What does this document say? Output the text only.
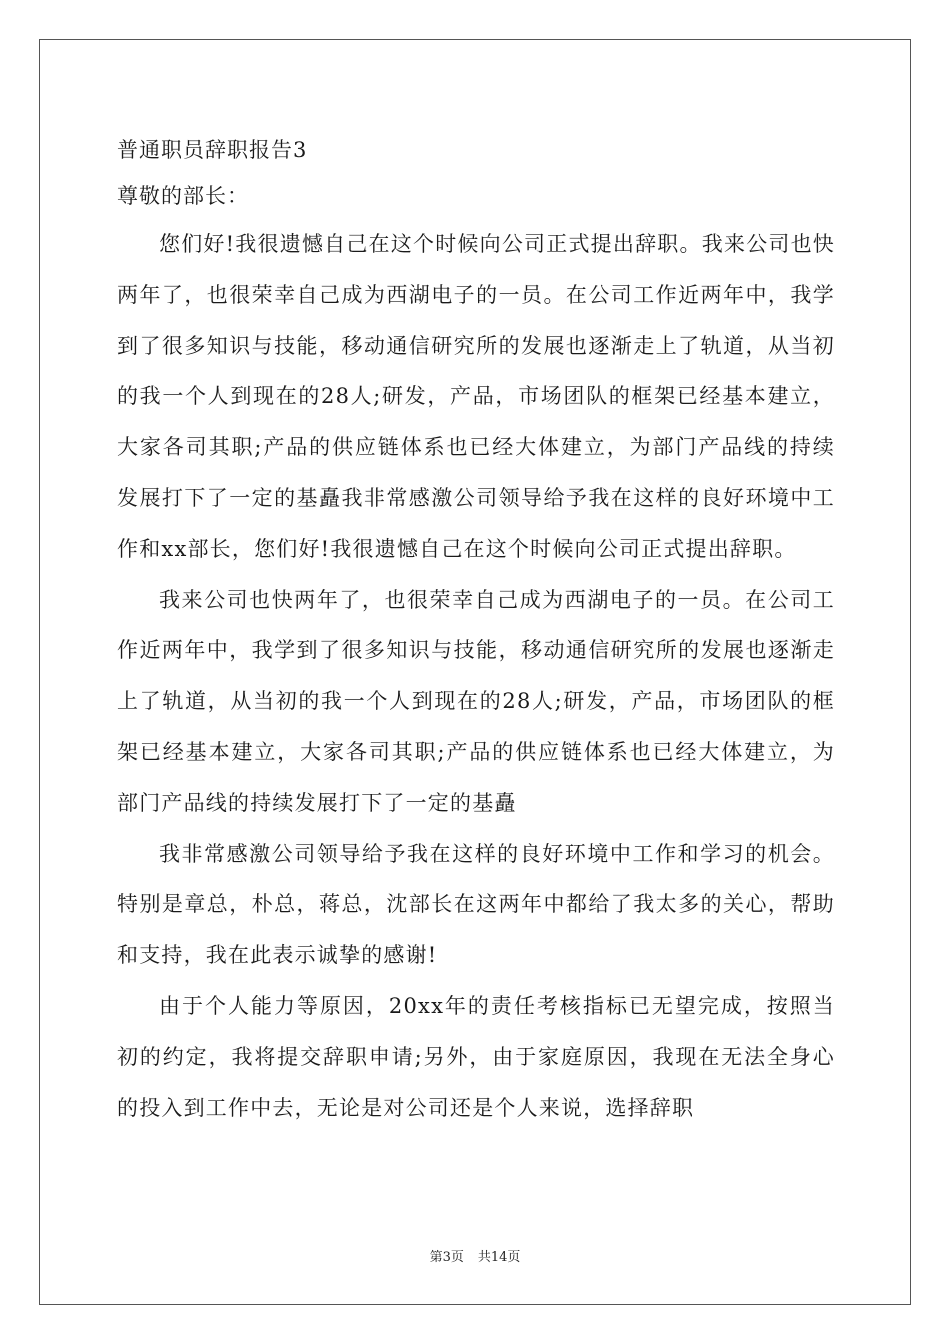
普通职员辞职报告3

尊敬的部长：

您们好!我很遗憾自己在这个时候向公司正式提出辞职。我来公司也快两年了，也很荣幸自己成为西湖电子的一员。在公司工作近两年中，我学到了很多知识与技能，移动通信研究所的发展也逐渐走上了轨道，从当初的我一个人到现在的28人;研发，产品，市场团队的框架已经基本建立，大家各司其职;产品的供应链体系也已经大体建立，为部门产品线的持续发展打下了一定的基矗我非常感激公司领导给予我在这样的良好环境中工作和xx部长，您们好!我很遗憾自己在这个时候向公司正式提出辞职。

我来公司也快两年了，也很荣幸自己成为西湖电子的一员。在公司工作近两年中，我学到了很多知识与技能，移动通信研究所的发展也逐渐走上了轨道，从当初的我一个人到现在的28人;研发，产品，市场团队的框架已经基本建立，大家各司其职;产品的供应链体系也已经大体建立，为部门产品线的持续发展打下了一定的基矗

我非常感激公司领导给予我在这样的良好环境中工作和学习的机会。特别是章总，朴总，蒋总，沈部长在这两年中都给了我太多的关心，帮助和支持，我在此表示诚挚的感谢!

由于个人能力等原因，20xx年的责任考核指标已无望完成，按照当初的约定，我将提交辞职申请;另外，由于家庭原因，我现在无法全身心的投入到工作中去，无论是对公司还是个人来说，选择辞职

第3页 共14页
